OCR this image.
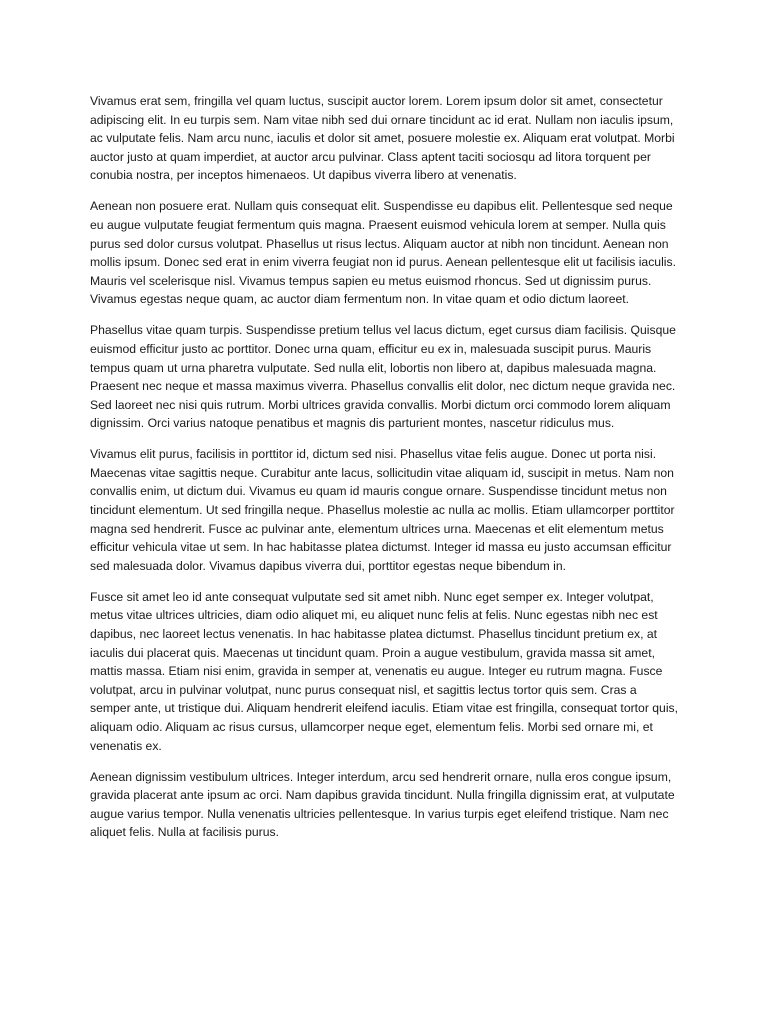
Vivamus erat sem, fringilla vel quam luctus, suscipit auctor lorem. Lorem ipsum dolor sit amet, consectetur adipiscing elit. In eu turpis sem. Nam vitae nibh sed dui ornare tincidunt ac id erat. Nullam non iaculis ipsum, ac vulputate felis. Nam arcu nunc, iaculis et dolor sit amet, posuere molestie ex. Aliquam erat volutpat. Morbi auctor justo at quam imperdiet, at auctor arcu pulvinar. Class aptent taciti sociosqu ad litora torquent per conubia nostra, per inceptos himenaeos. Ut dapibus viverra libero at venenatis.

Aenean non posuere erat. Nullam quis consequat elit. Suspendisse eu dapibus elit. Pellentesque sed neque eu augue vulputate feugiat fermentum quis magna. Praesent euismod vehicula lorem at semper. Nulla quis purus sed dolor cursus volutpat. Phasellus ut risus lectus. Aliquam auctor at nibh non tincidunt. Aenean non mollis ipsum. Donec sed erat in enim viverra feugiat non id purus. Aenean pellentesque elit ut facilisis iaculis. Mauris vel scelerisque nisl. Vivamus tempus sapien eu metus euismod rhoncus. Sed ut dignissim purus. Vivamus egestas neque quam, ac auctor diam fermentum non. In vitae quam et odio dictum laoreet.

Phasellus vitae quam turpis. Suspendisse pretium tellus vel lacus dictum, eget cursus diam facilisis. Quisque euismod efficitur justo ac porttitor. Donec urna quam, efficitur eu ex in, malesuada suscipit purus. Mauris tempus quam ut urna pharetra vulputate. Sed nulla elit, lobortis non libero at, dapibus malesuada magna. Praesent nec neque et massa maximus viverra. Phasellus convallis elit dolor, nec dictum neque gravida nec. Sed laoreet nec nisi quis rutrum. Morbi ultrices gravida convallis. Morbi dictum orci commodo lorem aliquam dignissim. Orci varius natoque penatibus et magnis dis parturient montes, nascetur ridiculus mus.

Vivamus elit purus, facilisis in porttitor id, dictum sed nisi. Phasellus vitae felis augue. Donec ut porta nisi. Maecenas vitae sagittis neque. Curabitur ante lacus, sollicitudin vitae aliquam id, suscipit in metus. Nam non convallis enim, ut dictum dui. Vivamus eu quam id mauris congue ornare. Suspendisse tincidunt metus non tincidunt elementum. Ut sed fringilla neque. Phasellus molestie ac nulla ac mollis. Etiam ullamcorper porttitor magna sed hendrerit. Fusce ac pulvinar ante, elementum ultrices urna. Maecenas et elit elementum metus efficitur vehicula vitae ut sem. In hac habitasse platea dictumst. Integer id massa eu justo accumsan efficitur sed malesuada dolor. Vivamus dapibus viverra dui, porttitor egestas neque bibendum in.

Fusce sit amet leo id ante consequat vulputate sed sit amet nibh. Nunc eget semper ex. Integer volutpat, metus vitae ultrices ultricies, diam odio aliquet mi, eu aliquet nunc felis at felis. Nunc egestas nibh nec est dapibus, nec laoreet lectus venenatis. In hac habitasse platea dictumst. Phasellus tincidunt pretium ex, at iaculis dui placerat quis. Maecenas ut tincidunt quam. Proin a augue vestibulum, gravida massa sit amet, mattis massa. Etiam nisi enim, gravida in semper at, venenatis eu augue. Integer eu rutrum magna. Fusce volutpat, arcu in pulvinar volutpat, nunc purus consequat nisl, et sagittis lectus tortor quis sem. Cras a semper ante, ut tristique dui. Aliquam hendrerit eleifend iaculis. Etiam vitae est fringilla, consequat tortor quis, aliquam odio. Aliquam ac risus cursus, ullamcorper neque eget, elementum felis. Morbi sed ornare mi, et venenatis ex.

Aenean dignissim vestibulum ultrices. Integer interdum, arcu sed hendrerit ornare, nulla eros congue ipsum, gravida placerat ante ipsum ac orci. Nam dapibus gravida tincidunt. Nulla fringilla dignissim erat, at vulputate augue varius tempor. Nulla venenatis ultricies pellentesque. In varius turpis eget eleifend tristique. Nam nec aliquet felis. Nulla at facilisis purus.
